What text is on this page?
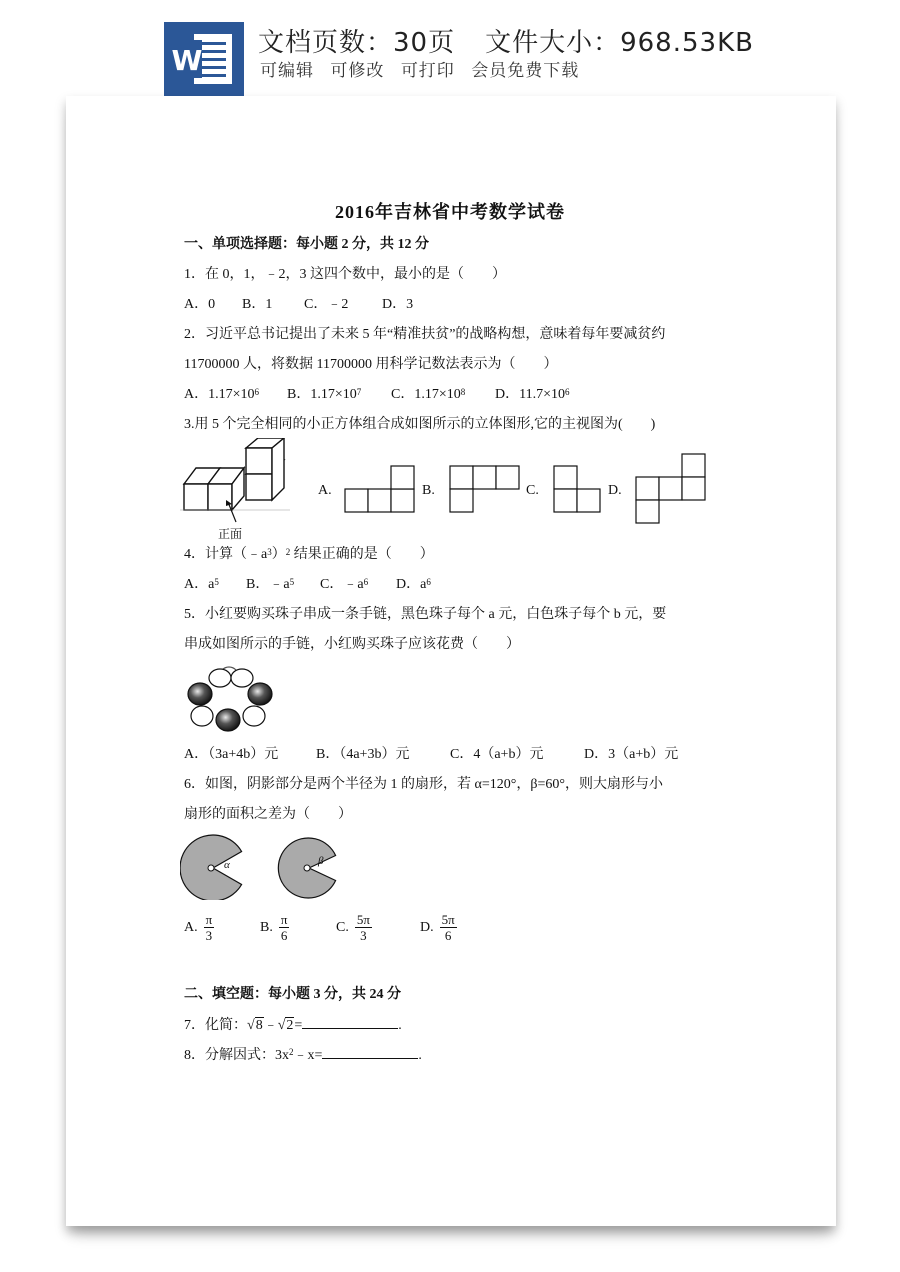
W
文档页数：30页 文件大小：968.53KB
可编辑 可修改 可打印 会员免费下载
2016年吉林省中考数学试卷
一、单项选择题：每小题 2 分，共 12 分
1．在 0，1，﹣2，3 这四个数中，最小的是（　　）
A．0 B．1 C．﹣2 D．3
2．习近平总书记提出了未来 5 年“精准扶贫”的战略构想，意味着每年要减贫约
11700000 人，将数据 11700000 用科学记数法表示为（　　）
A．$1.17\times 10^6$ B．$1.17\times 10^7$ C．$1.17\times 10^8$ D．$11.7\times 10^6$
3.用 5 个完全相同的小正方体组合成如图所示的立体图形,它的主视图为(　　)
正面
A.	B.	C.	D.
4．计算$(﹣a^3)^2$ 结果正确的是（　　）
A．$a^5$ B．$﹣a^5$ C．$﹣a^6$ D．$a^6$
5．小红要购买珠子串成一条手链，黑色珠子每个 a 元，白色珠子每个 b 元，要
串成如图所示的手链，小红购买珠子应该花费（　　）
A．（3a+4b）元	B．（4a+3b）元	C．4（a+b）元	D．3（a+b）元
6．如图，阴影部分是两个半径为 1 的扇形，若 α=120°，β=60°，则大扇形与小
扇形的面积之差为（　　）
α	β
A. $\frac{\pi}{3}$	B. $\frac{\pi}{6}$	C. $\frac{5\pi}{3}$	D. $\frac{5\pi}{6}$
二、填空题：每小题 3 分，共 24 分
7．化简：√8﹣√2=	.
8．分解因式：$3x^2﹣x=$	.
